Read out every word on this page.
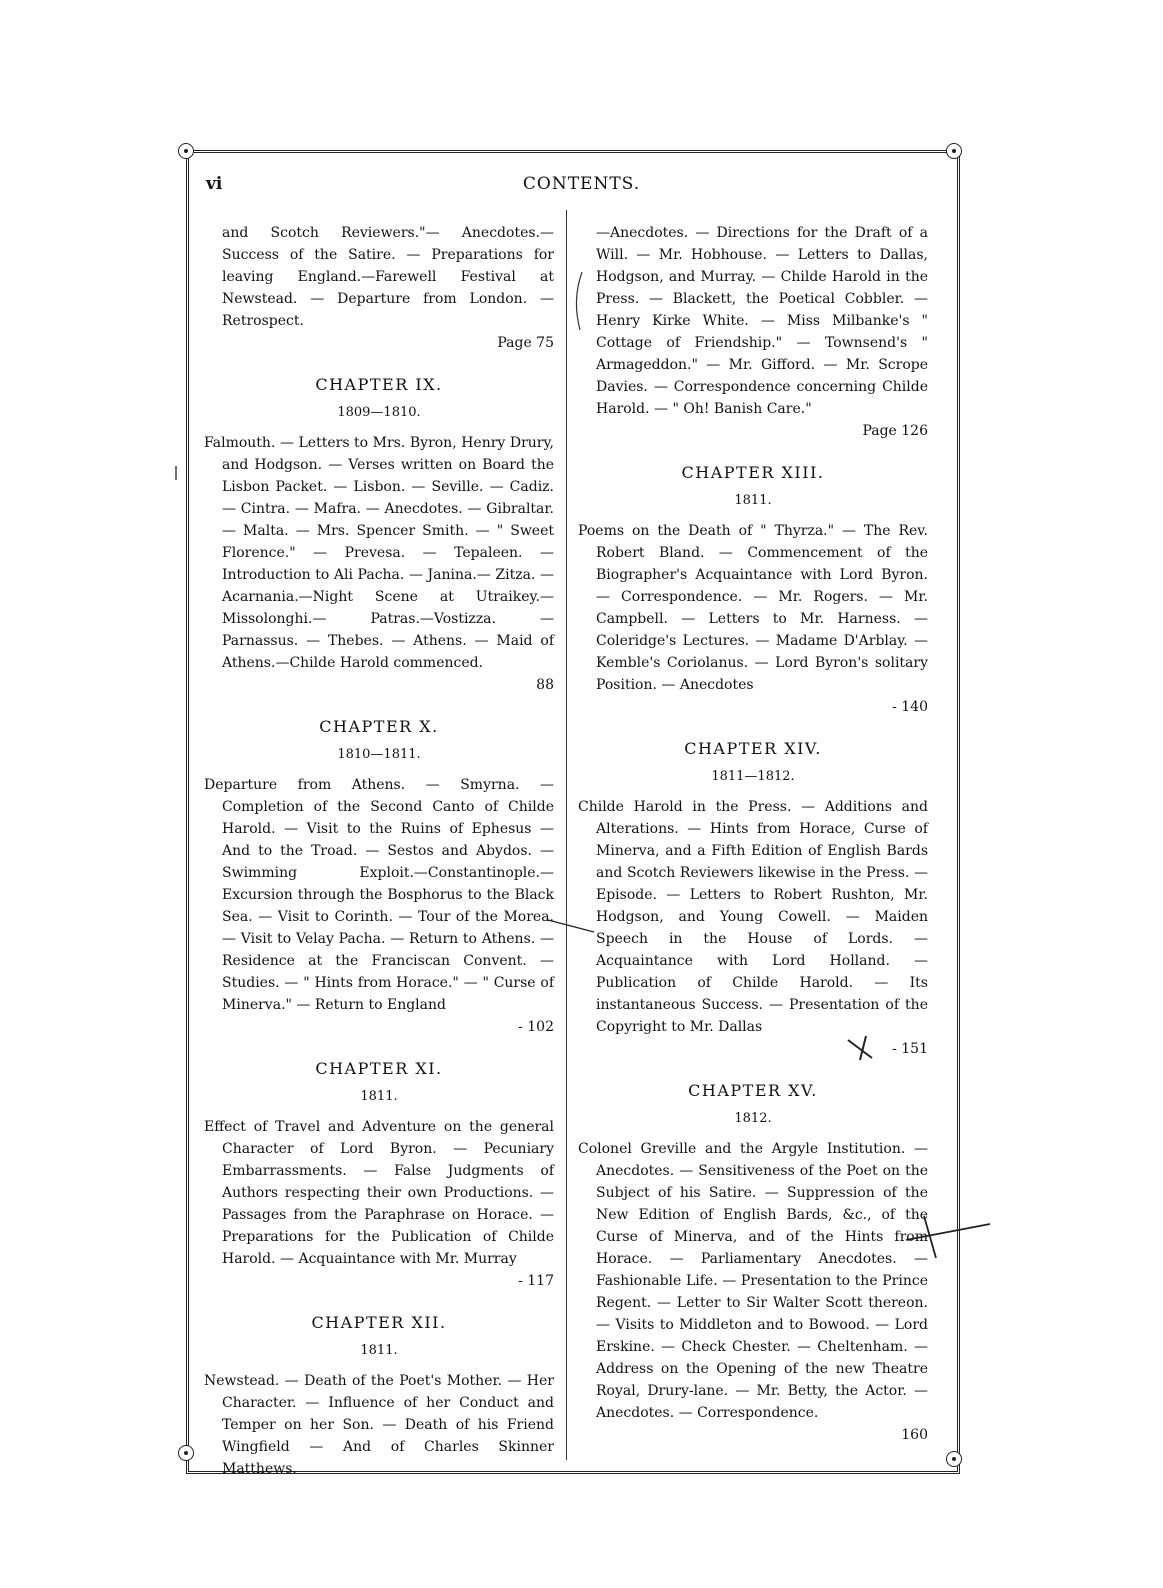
vi	CONTENTS.

and Scotch Reviewers."— Anecdotes.— Success of the Satire. — Preparations for leaving England.—Farewell Festival at Newstead. — Departure from London. — Retrospect.
Page 75

CHAPTER IX.
1809—1810.

Falmouth. — Letters to Mrs. Byron, Henry Drury, and Hodgson. — Verses written on Board the Lisbon Packet. — Lisbon. — Seville. — Cadiz. — Cintra. — Mafra. — Anecdotes. — Gibraltar. — Malta. — Mrs. Spencer Smith. — " Sweet Florence." — Prevesa. — Tepaleen. — Introduction to Ali Pacha. — Janina.— Zitza. — Acarnania.—Night Scene at Utraikey.— Missolonghi.— Patras.—Vostizza. — Parnassus. — Thebes. — Athens. — Maid of Athens.—Childe Harold commenced.
88

CHAPTER X.
1810—1811.

Departure from Athens. — Smyrna. — Completion of the Second Canto of Childe Harold. — Visit to the Ruins of Ephesus — And to the Troad. — Sestos and Abydos. — Swimming Exploit.—Constantinople.— Excursion through the Bosphorus to the Black Sea. — Visit to Corinth. — Tour of the Morea. — Visit to Velay Pacha. — Return to Athens. — Residence at the Franciscan Convent. — Studies. — " Hints from Horace." — " Curse of Minerva." — Return to England
- 102

CHAPTER XI.
1811.

Effect of Travel and Adventure on the general Character of Lord Byron. — Pecuniary Embarrassments. — False Judgments of Authors respecting their own Productions. — Passages from the Paraphrase on Horace. — Preparations for the Publication of Childe Harold. — Acquaintance with Mr. Murray
- 117

CHAPTER XII.
1811.

Newstead. — Death of the Poet's Mother. — Her Character. — Influence of her Conduct and Temper on her Son. — Death of his Friend Wingfield — And of Charles Skinner Matthews.

—Anecdotes. — Directions for the Draft of a Will. — Mr. Hobhouse. — Letters to Dallas, Hodgson, and Murray. — Childe Harold in the Press. — Blackett, the Poetical Cobbler. — Henry Kirke White. — Miss Milbanke's " Cottage of Friendship." — Townsend's " Armageddon." — Mr. Gifford. — Mr. Scrope Davies. — Correspondence concerning Childe Harold. — " Oh! Banish Care."
Page 126

CHAPTER XIII.
1811.

Poems on the Death of " Thyrza." — The Rev. Robert Bland. — Commencement of the Biographer's Acquaintance with Lord Byron. — Correspondence. — Mr. Rogers. — Mr. Campbell. — Letters to Mr. Harness. — Coleridge's Lectures. — Madame D'Arblay. — Kemble's Coriolanus. — Lord Byron's solitary Position. — Anecdotes
- 140

CHAPTER XIV.
1811—1812.

Childe Harold in the Press. — Additions and Alterations. — Hints from Horace, Curse of Minerva, and a Fifth Edition of English Bards and Scotch Reviewers likewise in the Press. — Episode. — Letters to Robert Rushton, Mr. Hodgson, and Young Cowell. — Maiden Speech in the House of Lords. — Acquaintance with Lord Holland. — Publication of Childe Harold. — Its instantaneous Success. — Presentation of the Copyright to Mr. Dallas
- 151

CHAPTER XV.
1812.

Colonel Greville and the Argyle Institution. — Anecdotes. — Sensitiveness of the Poet on the Subject of his Satire. — Suppression of the New Edition of English Bards, &c., of the Curse of Minerva, and of the Hints from Horace. — Parliamentary Anecdotes. — Fashionable Life. — Presentation to the Prince Regent. — Letter to Sir Walter Scott thereon. — Visits to Middleton and to Bowood. — Lord Erskine. — Check Chester. — Cheltenham. — Address on the Opening of the new Theatre Royal, Drury-lane. — Mr. Betty, the Actor. — Anecdotes. — Correspondence.
160
